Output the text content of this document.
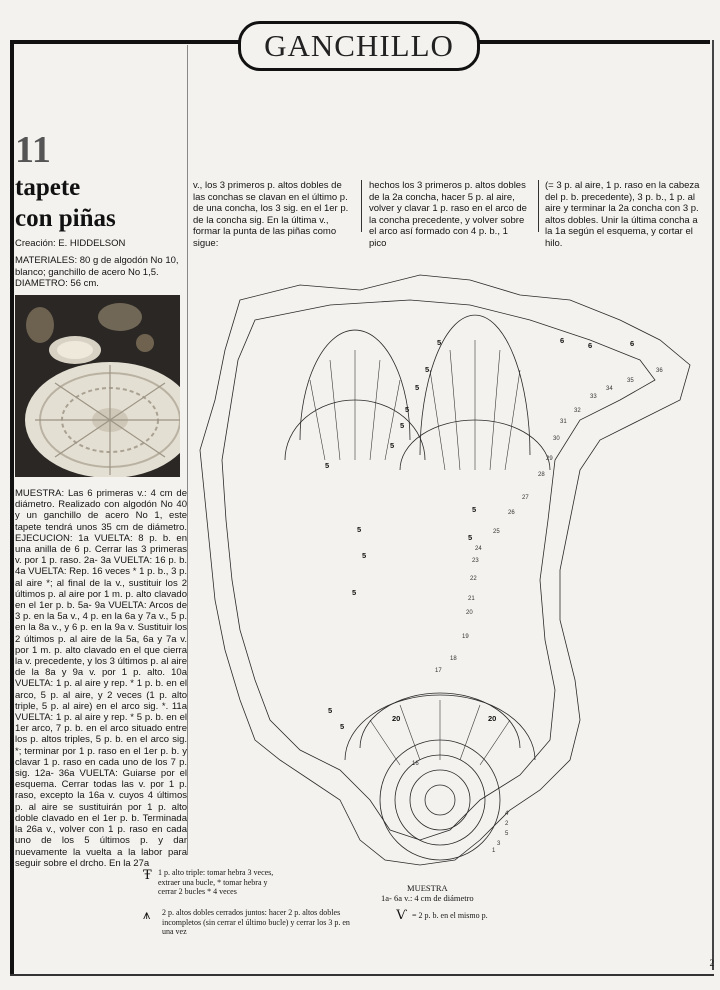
GANCHILLO
11
tapete
con piñas
Creación: E. HIDDELSON
MATERIALES: 80 g de algodón No 10, blanco; ganchillo de acero No 1,5.
DIAMETRO: 56 cm.

MUESTRA: Las 6 primeras v.: 4 cm de diámetro. Realizado con algodón No 40 y un ganchillo de acero No 1, este tapete tendrá unos 35 cm de diámetro. EJECUCION: 1a VUELTA: 8 p. b. en una anilla de 6 p. Cerrar las 3 primeras v. por 1 p. raso. 2a- 3a VUELTA: 16 p. b. 4a VUELTA: Rep. 16 veces * 1 p. b., 3 p. al aire *; al final de la v., sustituir los 2 últimos p. al aire por 1 m. p. alto clavado en el 1er p. b. 5a- 9a VUELTA: Arcos de 3 p. en la 5a v., 4 p. en la 6a y 7a v., 5 p. en la 8a v., y 6 p. en la 9a v. Sustituir los 2 últimos p. al aire de la 5a, 6a y 7a v. por 1 m. p. alto clavado en el que cierra la v. precedente, y los 3 últimos p. al aire de la 8a y 9a v. por 1 p. alto. 10a VUELTA: 1 p. al aire y rep. * 1 p. b. en el arco, 5 p. al aire, y 2 veces (1 p. alto triple, 5 p. al aire) en el arco sig. *. 11a VUELTA: 1 p. al aire y rep. * 5 p. b. en el 1er arco, 7 p. b. en el arco situado entre los p. altos triples, 5 p. b. en el arco sig. *; terminar por 1 p. raso en el 1er p. b. y clavar 1 p. raso en cada uno de los 7 p. sig. 12a- 36a VUELTA: Guiarse por el esquema. Cerrar todas las v. por 1 p. raso, excepto la 16a v. cuyos 4 últimos p. al aire se sustituirán por 1 p. alto doble clavado en el 1er p. b. Terminada la 26a v., volver con 1 p. raso en cada uno de los 5 últimos p. y dar nuevamente la vuelta a la labor para seguir sobre el drcho. En la 27a

v., los 3 primeros p. altos dobles de las conchas se clavan en el último p. de una concha, los 3 sig. en el 1er p. de la concha sig. En la última v., formar la punta de las piñas como sigue:

hechos los 3 primeros p. altos dobles de la 2a concha, hacer 5 p. al aire, volver y clavar 1 p. raso en el arco de la concha precedente, y volver sobre el arco así formado con 4 p. b., 1 pico

(= 3 p. al aire, 1 p. raso en la cabeza del p. b. precedente), 3 p. b., 1 p. al aire y terminar la 2a concha con 3 p. altos dobles. Unir la última concha a la 1a según el esquema, y cortar el hilo.

5
5
5
5
5
5
5
5
5
5
5
5
6
6	6
5
5
20	20
36
35
34
33
32
31
30
29
28
27
26
25
24
23
22
21
20
19
18
17
16
4
5
2
3
1
Ŧ 1 p. alto triple: tomar hebra 3 veces, extraer una bucle, * tomar hebra y cerrar 2 bucles * 4 veces

⩚ 2 p. altos dobles cerrados juntos: hacer 2 p. altos dobles incompletos (sin cerrar el último bucle) y cerrar los 3 p. en una vez

Ѵ = 2 p. b. en el mismo p.

MUESTRA
1a- 6a v.: 4 cm de diámetro
2
